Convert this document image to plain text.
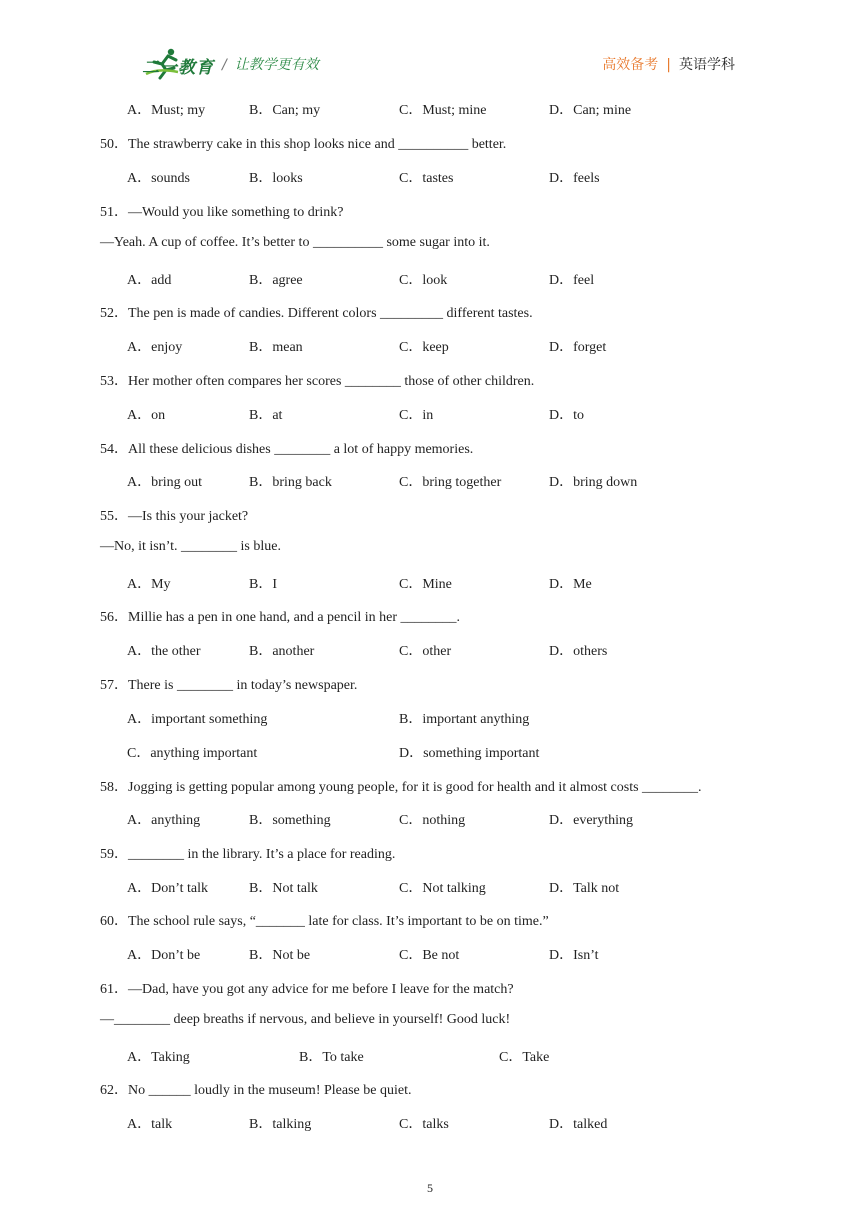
二一教育 / 让教学更有效	高效备考 | 英语学科
A．Must; my	B．Can; my	C．Must; mine	D．Can; mine
50．The strawberry cake in this shop looks nice and __________ better.
A．sounds	B．looks	C．tastes	D．feels
51．—Would you like something to drink?
—Yeah. A cup of coffee. It’s better to __________ some sugar into it.
A．add	B．agree	C．look	D．feel
52．The pen is made of candies. Different colors _________ different tastes.
A．enjoy	B．mean	C．keep	D．forget
53．Her mother often compares her scores ________ those of other children.
A．on	B．at	C．in	D．to
54．All these delicious dishes ________ a lot of happy memories.
A．bring out	B．bring back	C．bring together	D．bring down
55．—Is this your jacket?
—No, it isn’t. ________ is blue.
A．My	B．I	C．Mine	D．Me
56．Millie has a pen in one hand, and a pencil in her ________.
A．the other	B．another	C．other	D．others
57．There is ________ in today’s newspaper.
A．important something	B．important anything
C．anything important	D．something important
58．Jogging is getting popular among young people, for it is good for health and it almost costs ________.
A．anything	B．something	C．nothing	D．everything
59．________ in the library. It’s a place for reading.
A．Don’t talk	B．Not talk	C．Not talking	D．Talk not
60．The school rule says, “_______ late for class. It’s important to be on time.”
A．Don’t be	B．Not be	C．Be not	D．Isn’t
61．—Dad, have you got any advice for me before I leave for the match?
—________ deep breaths if nervous, and believe in yourself! Good luck!
A．Taking	B．To take	C．Take
62．No ______ loudly in the museum! Please be quiet.
A．talk	B．talking	C．talks	D．talked
5
